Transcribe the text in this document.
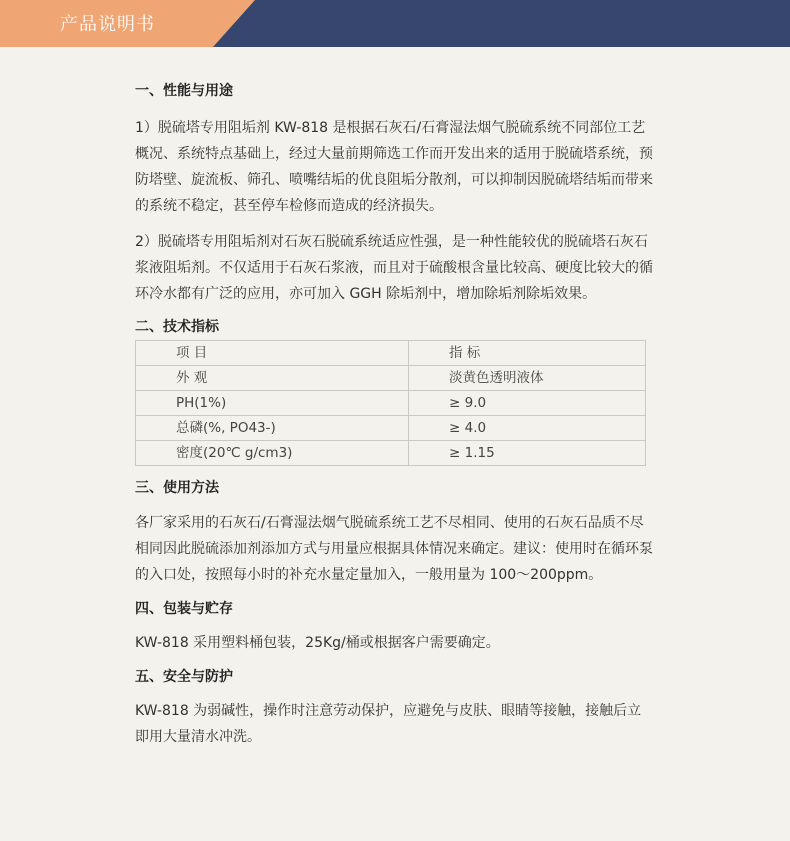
产品说明书
一、性能与用途

1）脱硫塔专用阻垢剂 KW-818 是根据石灰石/石膏湿法烟气脱硫系统不同部位工艺概况、系统特点基础上，经过大量前期筛选工作而开发出来的适用于脱硫塔系统，预防塔壁、旋流板、筛孔、喷嘴结垢的优良阻垢分散剂，可以抑制因脱硫塔结垢而带来的系统不稳定，甚至停车检修而造成的经济损失。

2）脱硫塔专用阻垢剂对石灰石脱硫系统适应性强，是一种性能较优的脱硫塔石灰石浆液阻垢剂。不仅适用于石灰石浆液，而且对于硫酸根含量比较高、硬度比较大的循环冷水都有广泛的应用，亦可加入 GGH 除垢剂中，增加除垢剂除垢效果。

二、技术指标
项 目	指 标
外 观	淡黄色透明液体
PH(1%)	≥ 9.0
总磷(%, PO43-)	≥ 4.0
密度(20℃ g/cm3)	≥ 1.15
三、使用方法

各厂家采用的石灰石/石膏湿法烟气脱硫系统工艺不尽相同、使用的石灰石品质不尽相同因此脱硫添加剂添加方式与用量应根据具体情况来确定。建议：使用时在循环泵的入口处，按照每小时的补充水量定量加入，一般用量为 100～200ppm。

四、包装与贮存

KW-818 采用塑料桶包装，25Kg/桶或根据客户需要确定。

五、安全与防护

KW-818 为弱碱性，操作时注意劳动保护，应避免与皮肤、眼睛等接触，接触后立即用大量清水冲洗。
